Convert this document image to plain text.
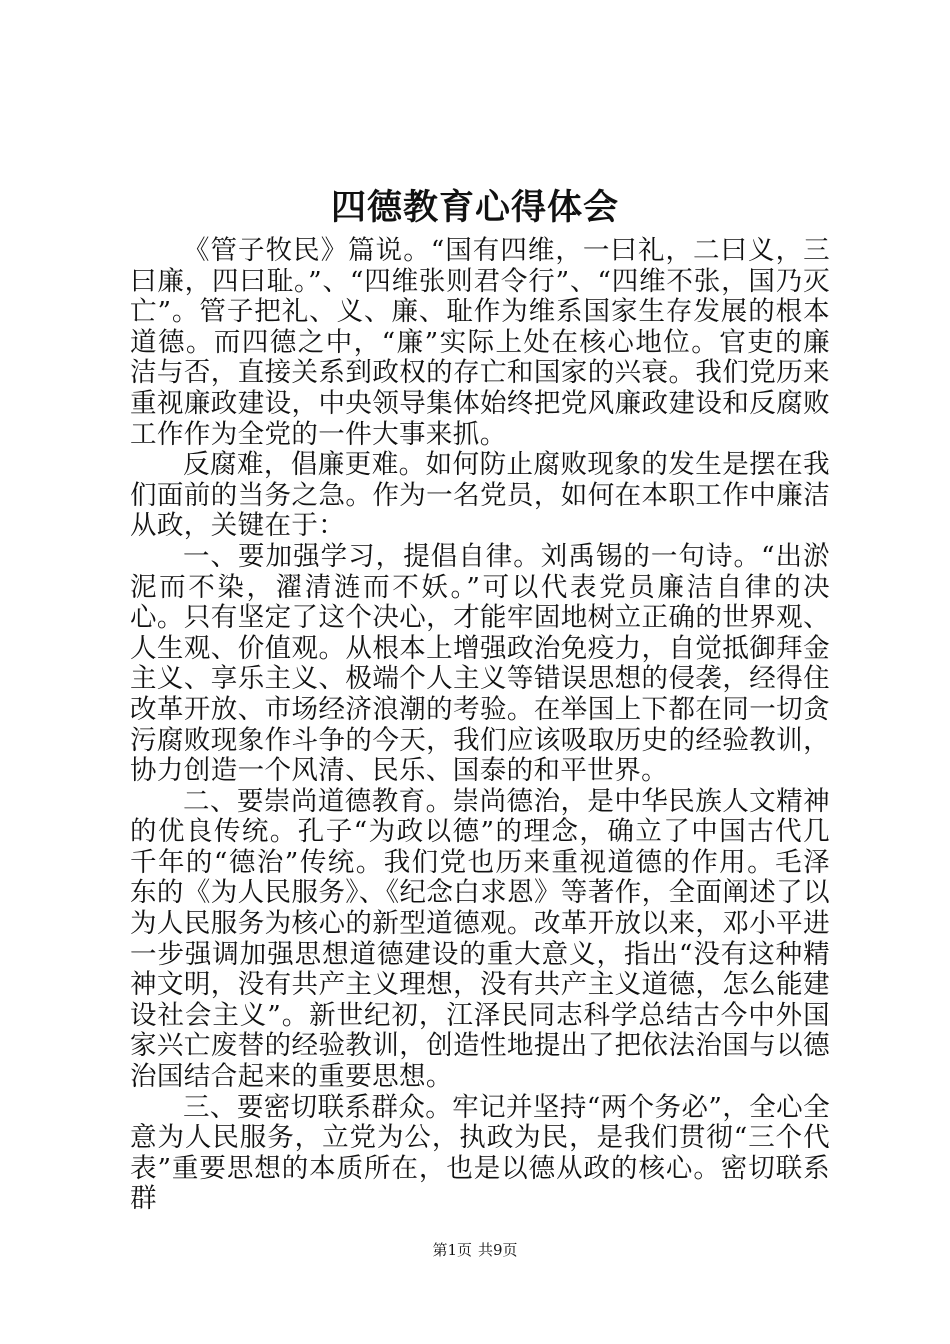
四德教育心得体会

《管子牧民》篇说。“国有四维，一曰礼，二曰义，三曰廉，四曰耻。”、“四维张则君令行”、“四维不张，国乃灭亡”。管子把礼、义、廉、耻作为维系国家生存发展的根本道德。而四德之中，“廉”实际上处在核心地位。官吏的廉洁与否，直接关系到政权的存亡和国家的兴衰。我们党历来重视廉政建设，中央领导集体始终把党风廉政建设和反腐败工作作为全党的一件大事来抓。

反腐难，倡廉更难。如何防止腐败现象的发生是摆在我们面前的当务之急。作为一名党员，如何在本职工作中廉洁从政，关键在于：

一、要加强学习，提倡自律。刘禹锡的一句诗。“出淤泥而不染，濯清涟而不妖。”可以代表党员廉洁自律的决心。只有坚定了这个决心，才能牢固地树立正确的世界观、人生观、价值观。从根本上增强政治免疫力，自觉抵御拜金主义、享乐主义、极端个人主义等错误思想的侵袭，经得住改革开放、市场经济浪潮的考验。在举国上下都在同一切贪污腐败现象作斗争的今天，我们应该吸取历史的经验教训，协力创造一个风清、民乐、国泰的和平世界。

二、要崇尚道德教育。崇尚德治，是中华民族人文精神的优良传统。孔子“为政以德”的理念，确立了中国古代几千年的“德治”传统。我们党也历来重视道德的作用。毛泽东的《为人民服务》、《纪念白求恩》等著作，全面阐述了以为人民服务为核心的新型道德观。改革开放以来，邓小平进一步强调加强思想道德建设的重大意义，指出“没有这种精神文明，没有共产主义理想，没有共产主义道德，怎么能建设社会主义”。新世纪初，江泽民同志科学总结古今中外国家兴亡废替的经验教训，创造性地提出了把依法治国与以德治国结合起来的重要思想。

三、要密切联系群众。牢记并坚持“两个务必”，全心全意为人民服务，立党为公，执政为民，是我们贯彻“三个代表”重要思想的本质所在，也是以德从政的核心。密切联系群

第1页 共9页
